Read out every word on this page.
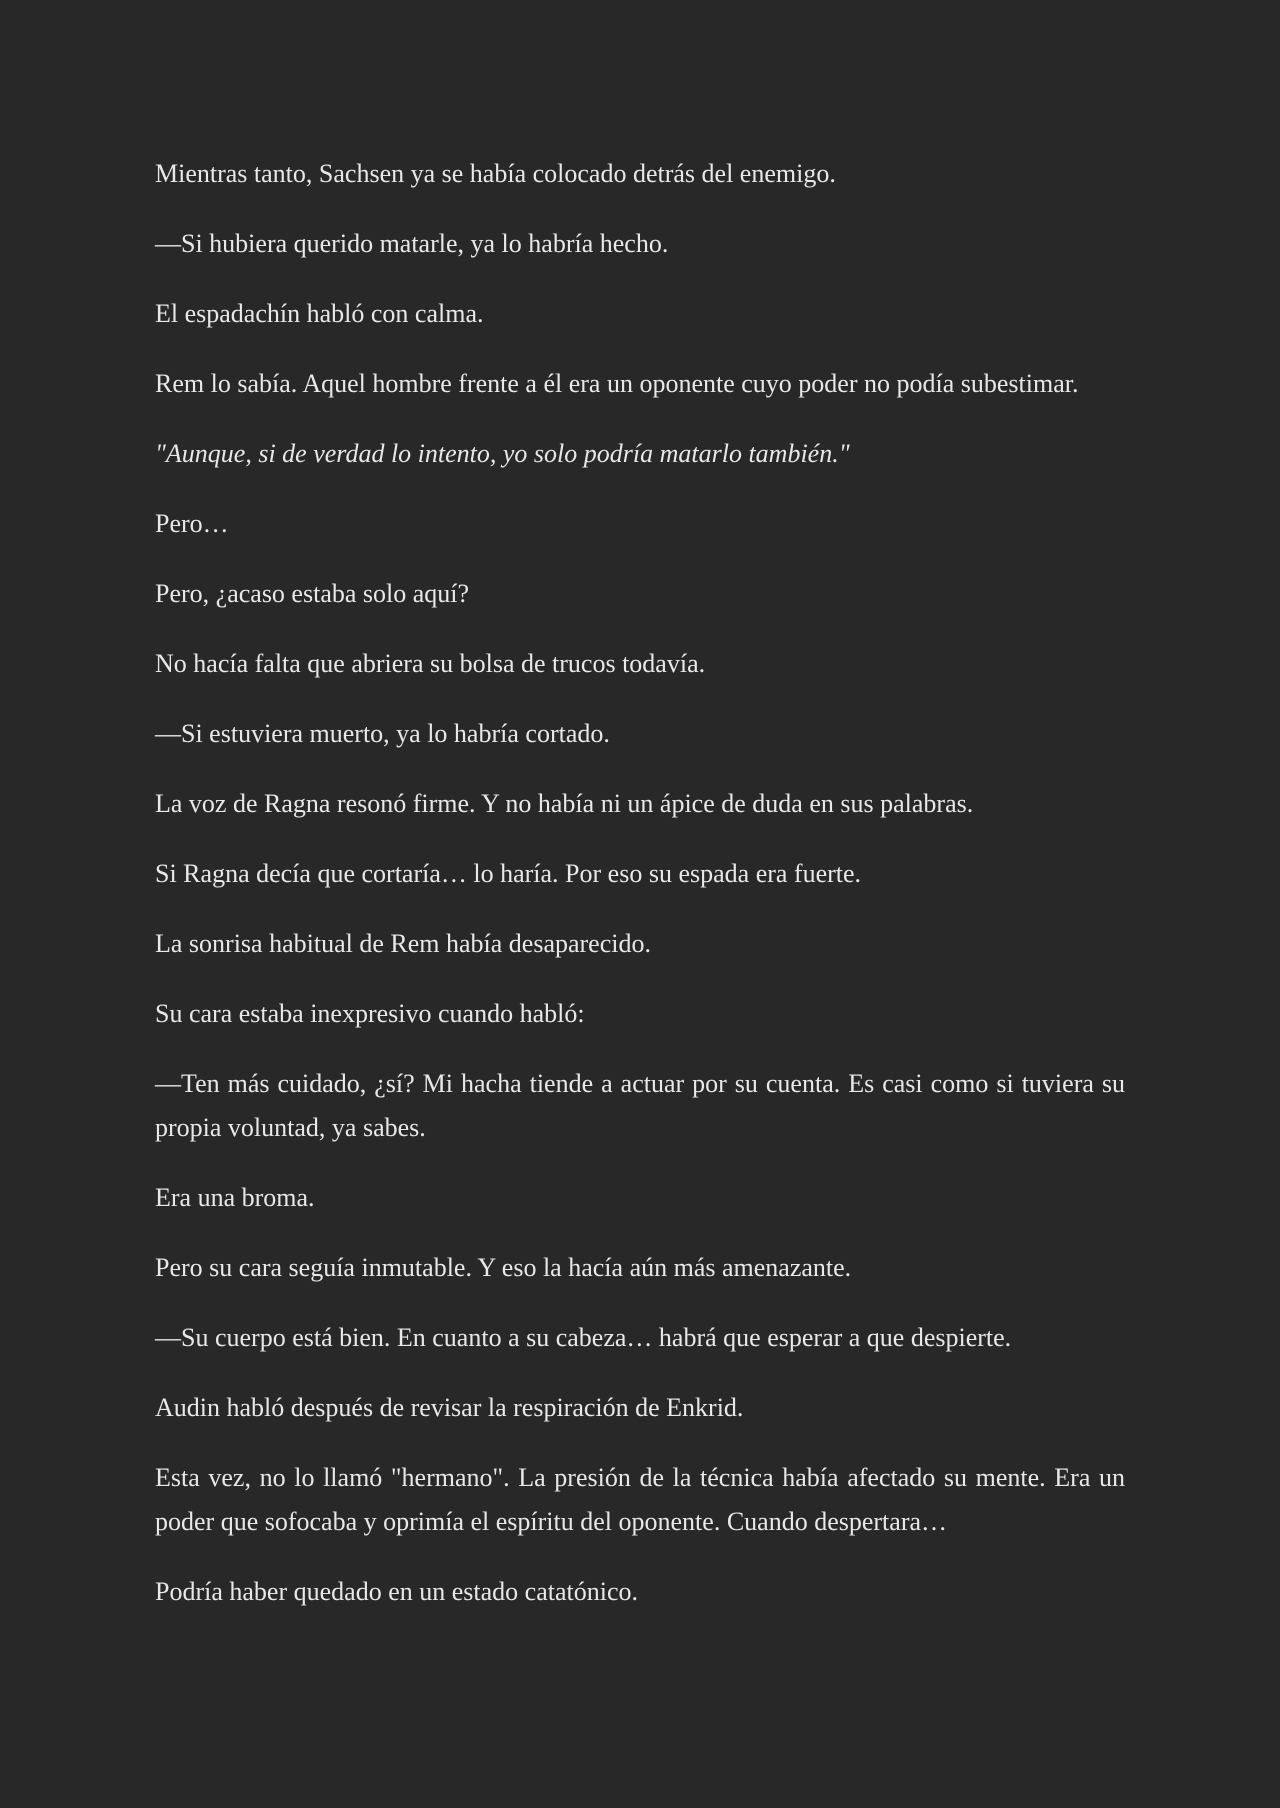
Mientras tanto, Sachsen ya se había colocado detrás del enemigo.

—Si hubiera querido matarle, ya lo habría hecho.

El espadachín habló con calma.

Rem lo sabía. Aquel hombre frente a él era un oponente cuyo poder no podía subestimar.

"Aunque, si de verdad lo intento, yo solo podría matarlo también."

Pero…

Pero, ¿acaso estaba solo aquí?

No hacía falta que abriera su bolsa de trucos todavía.

—Si estuviera muerto, ya lo habría cortado.

La voz de Ragna resonó firme. Y no había ni un ápice de duda en sus palabras.

Si Ragna decía que cortaría… lo haría. Por eso su espada era fuerte.

La sonrisa habitual de Rem había desaparecido.

Su cara estaba inexpresivo cuando habló:

—Ten más cuidado, ¿sí? Mi hacha tiende a actuar por su cuenta. Es casi como si tuviera su propia voluntad, ya sabes.

Era una broma.

Pero su cara seguía inmutable. Y eso la hacía aún más amenazante.

—Su cuerpo está bien. En cuanto a su cabeza… habrá que esperar a que despierte.

Audin habló después de revisar la respiración de Enkrid.

Esta vez, no lo llamó "hermano". La presión de la técnica había afectado su mente. Era un poder que sofocaba y oprimía el espíritu del oponente. Cuando despertara…

Podría haber quedado en un estado catatónico.
